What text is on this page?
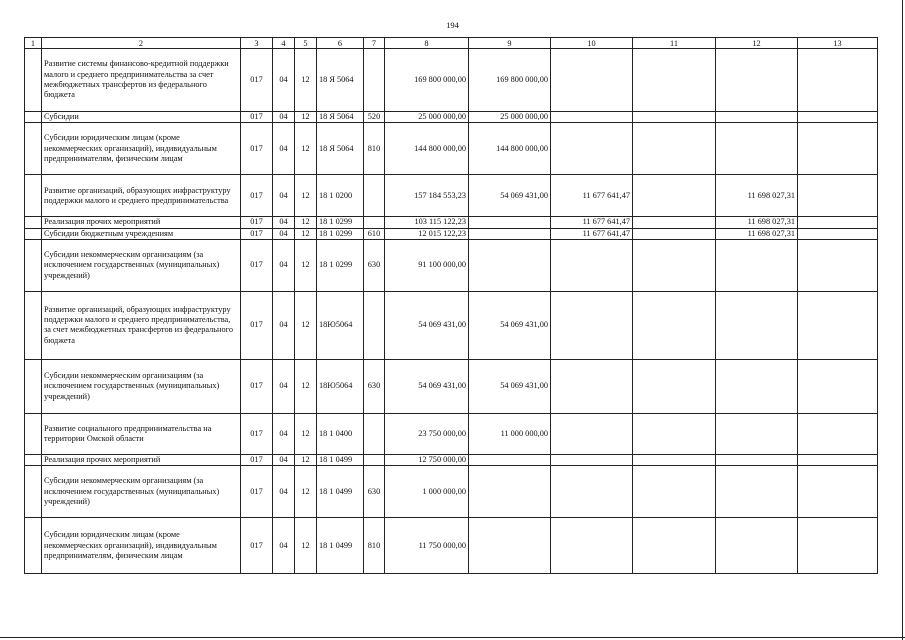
194
1	2	3	4	5	6	7	8	9	10	11	12	13
	Развитие системы финансово-кредитной поддержки малого и среднего предпринимательства за счет межбюджетных трансфертов из федерального бюджета	017	04	12	18 Я 5064		169 800 000,00	169 800 000,00				
	Субсидии	017	04	12	18 Я 5064	520	25 000 000,00	25 000 000,00				
	Субсидии юридическим лицам (кроме некоммерческих организаций), индивидуальным предпринимателям, физическим лицам	017	04	12	18 Я 5064	810	144 800 000,00	144 800 000,00				
	Развитие организаций, образующих инфраструктуру поддержки малого и среднего предпринимательства	017	04	12	18 1 0200		157 184 553,23	54 069 431,00	11 677 641,47		11 698 027,31	
	Реализация прочих мероприятий	017	04	12	18 1 0299		103 115 122,23		11 677 641,47		11 698 027,31	
	Субсидии бюджетным учреждениям	017	04	12	18 1 0299	610	12 015 122,23		11 677 641,47		11 698 027,31	
	Субсидии некоммерческим организациям (за исключением государственных (муниципальных) учреждений)	017	04	12	18 1 0299	630	91 100 000,00					
	Развитие организаций, образующих инфраструктуру поддержки малого и среднего предпринимательства, за счет межбюджетных трансфертов из федерального бюджета	017	04	12	18Ю5064		54 069 431,00	54 069 431,00				
	Субсидии некоммерческим организациям (за исключением государственных (муниципальных) учреждений)	017	04	12	18Ю5064	630	54 069 431,00	54 069 431,00				
	Развитие социального предпринимательства на территории Омской области	017	04	12	18 1 0400		23 750 000,00	11 000 000,00				
	Реализация прочих мероприятий	017	04	12	18 1 0499		12 750 000,00					
	Субсидии некоммерческим организациям (за исключением государственных (муниципальных) учреждений)	017	04	12	18 1 0499	630	1 000 000,00					
	Субсидии юридическим лицам (кроме некоммерческих организаций), индивидуальным предпринимателям, физическим лицам	017	04	12	18 1 0499	810	11 750 000,00					
